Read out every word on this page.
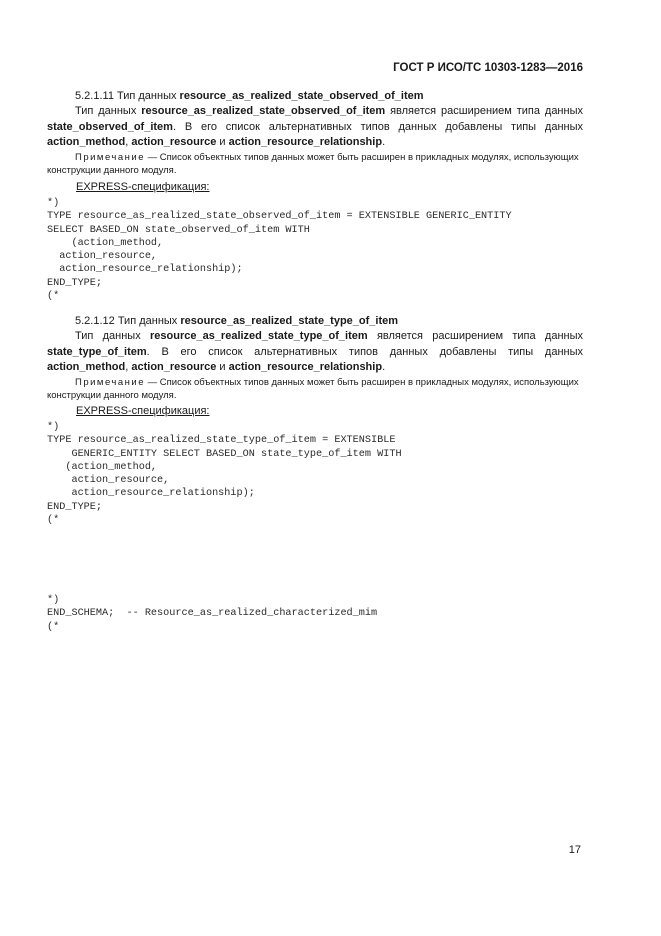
ГОСТ Р ИСО/ТС 10303-1283—2016
5.2.1.11 Тип данных resource_as_realized_state_observed_of_item
Тип данных resource_as_realized_state_observed_of_item является расширением типа данных state_observed_of_item. В его список альтернативных типов данных добавлены типы данных action_method, action_resource и action_resource_relationship.
Примечание — Список объектных типов данных может быть расширен в прикладных модулях, использующих конструкции данного модуля.
EXPRESS-спецификация:
*)
TYPE resource_as_realized_state_observed_of_item = EXTENSIBLE GENERIC_ENTITY
SELECT BASED_ON state_observed_of_item WITH
(action_method,
action_resource,
action_resource_relationship);
END_TYPE;
(*
5.2.1.12 Тип данных resource_as_realized_state_type_of_item
Тип данных resource_as_realized_state_type_of_item является расширением типа данных state_type_of_item. В его список альтернативных типов данных добавлены типы данных action_method, action_resource и action_resource_relationship.
Примечание — Список объектных типов данных может быть расширен в прикладных модулях, использующих конструкции данного модуля.
EXPRESS-спецификация:
*)
TYPE resource_as_realized_state_type_of_item = EXTENSIBLE
GENERIC_ENTITY SELECT BASED_ON state_type_of_item WITH
(action_method,
action_resource,
action_resource_relationship);
END_TYPE;
(*
*)
END_SCHEMA;  -- Resource_as_realized_characterized_mim
(*
17
